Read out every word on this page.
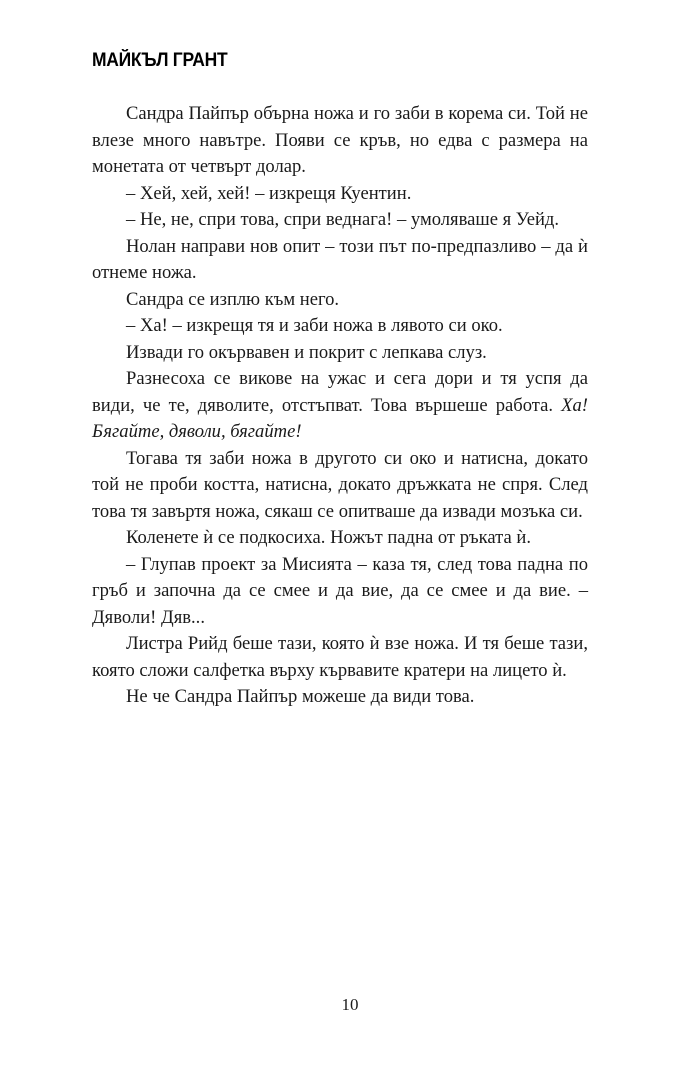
МАЙКЪЛ ГРАНТ

Сандра Пайпър обърна ножа и го заби в корема си. Той не влезе много навътре. Появи се кръв, но едва с размера на монетата от четвърт долар.

– Хей, хей, хей! – изкрещя Куентин.

– Не, не, спри това, спри веднага! – умоляваше я Уейд.

Нолан направи нов опит – този път по-предпазливо – да ѝ отнеме ножа.

Сандра се изплю към него.

– Ха! – изкрещя тя и заби ножа в лявото си око.

Извади го окървавен и покрит с лепкава слуз.

Разнесоха се викове на ужас и сега дори и тя успя да види, че те, дяволите, отстъпват. Това вършеше работа. Ха! Бягайте, дяволи, бягайте!

Тогава тя заби ножа в другото си око и натисна, докато той не проби костта, натисна, докато дръжката не спря. След това тя завъртя ножа, сякаш се опитваше да извади мозъка си.

Коленете ѝ се подкосиха. Ножът падна от ръката ѝ.

– Глупав проект за Мисията – каза тя, след това падна по гръб и започна да се смее и да вие, да се смее и да вие. – Дяволи! Дяв...

Листра Рийд беше тази, която ѝ взе ножа. И тя беше тази, която сложи салфетка върху кървавите кратери на лицето ѝ.

Не че Сандра Пайпър можеше да види това.

10
